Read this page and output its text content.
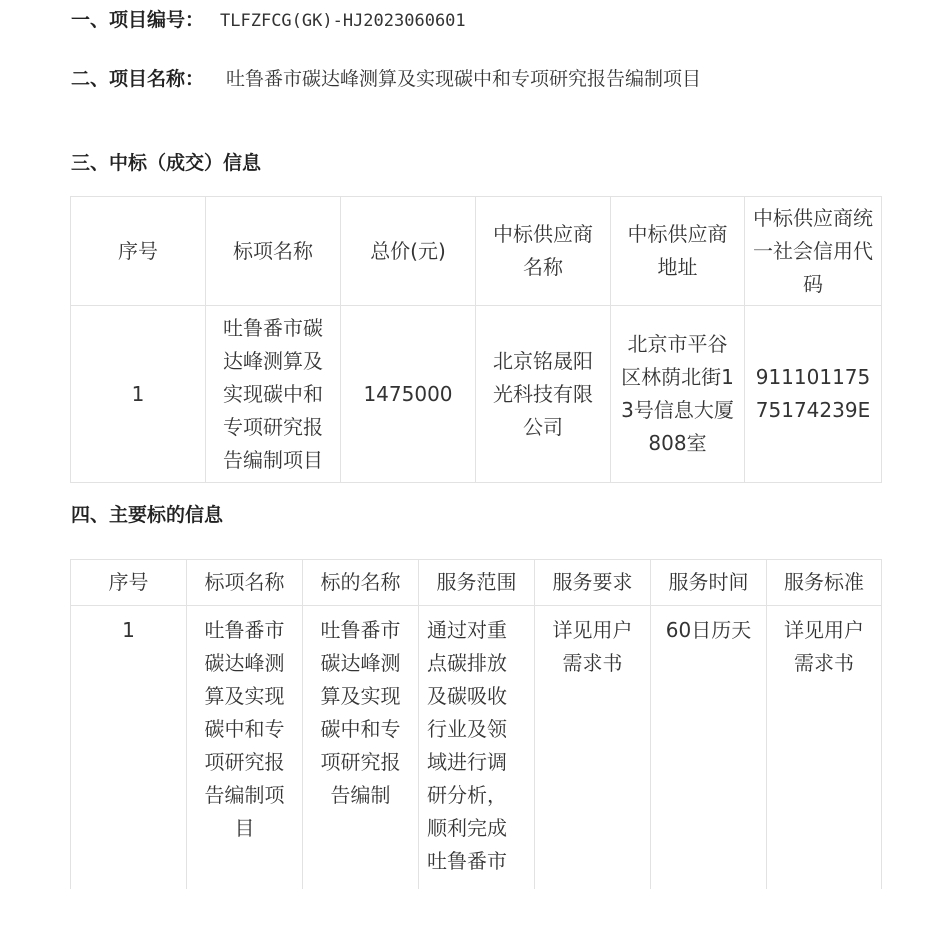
一、项目编号： TLFZFCG(GK)-HJ2023060601
二、项目名称： 吐鲁番市碳达峰测算及实现碳中和专项研究报告编制项目
三、中标（成交）信息
序号	标项名称	总价(元)	中标供应商名称	中标供应商地址	中标供应商统一社会信用代码
1	吐鲁番市碳达峰测算及实现碳中和专项研究报告编制项目	1475000	北京铭晟阳光科技有限公司	北京市平谷区林荫北街13号信息大厦808室	91110117575174239E
四、主要标的信息
序号	标项名称	标的名称	服务范围	服务要求	服务时间	服务标准
1	吐鲁番市碳达峰测算及实现碳中和专项研究报告编制项目	吐鲁番市碳达峰测算及实现碳中和专项研究报告编制	通过对重点碳排放及碳吸收行业及领域进行调研分析，顺利完成吐鲁番市	详见用户需求书	60日历天	详见用户需求书
